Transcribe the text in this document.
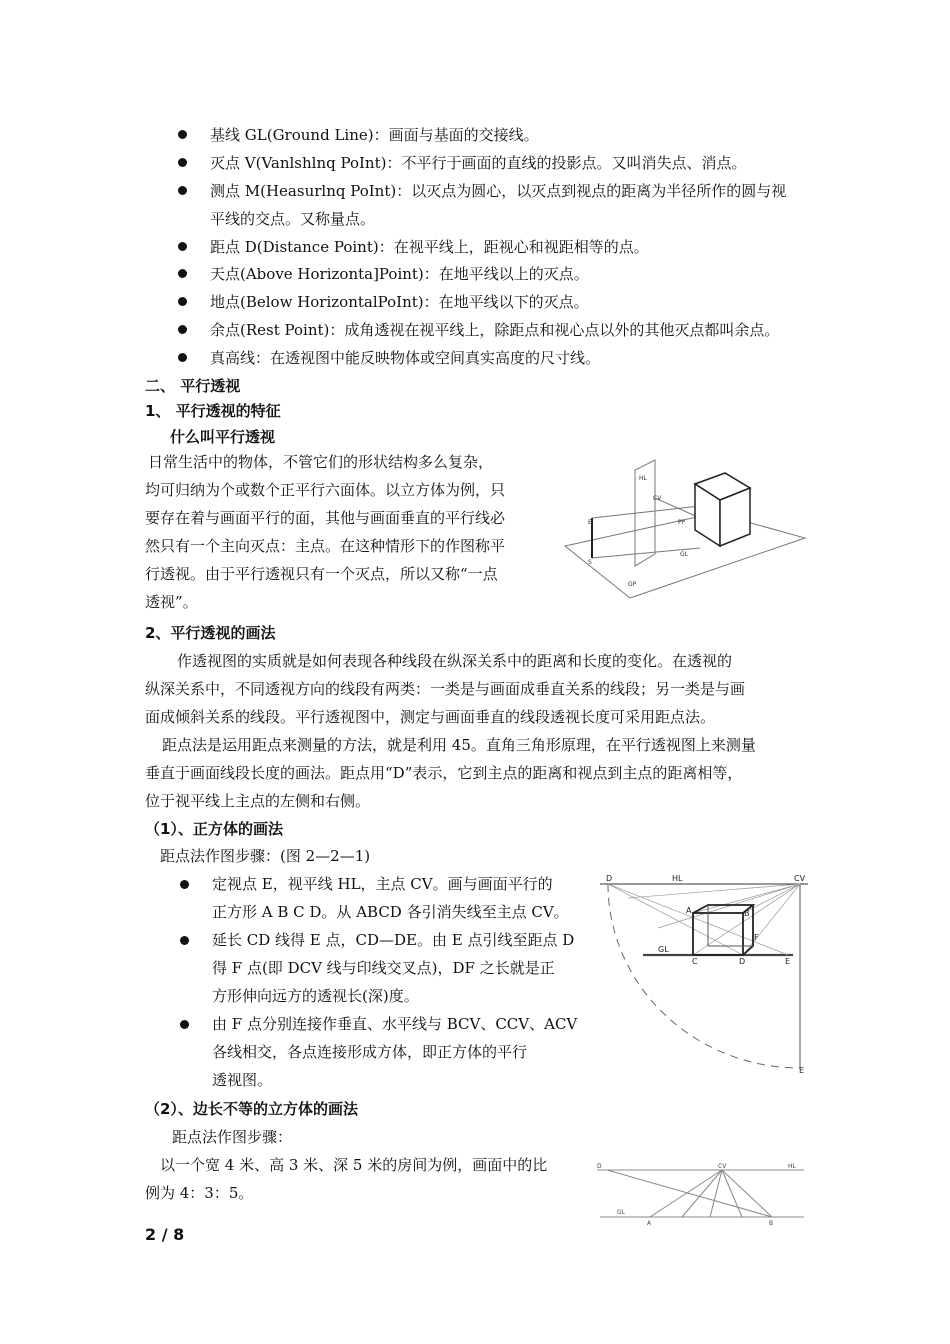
基线 GL(Ground Line)：画面与基面的交接线。
灭点 V(Vanlshlnq PoInt)：不平行于画面的直线的投影点。又叫消失点、消点。
测点 M(Heasurlnq PoInt)：以灭点为圆心，以灭点到视点的距离为半径所作的圆与视
平线的交点。又称量点。
距点 D(Distance Point)：在视平线上，距视心和视距相等的点。
天点(Above Horizonta]Point)：在地平线以上的灭点。
地点(Below HorizontalPoInt)：在地平线以下的灭点。
余点(Rest Point)：成角透视在视平线上，除距点和视心点以外的其他灭点都叫余点。
真高线：在透视图中能反映物体或空间真实高度的尺寸线。
二、 平行透视
1、 平行透视的特征
什么叫平行透视
日常生活中的物体，不管它们的形状结构多么复杂，
均可归纳为个或数个正平行六面体。以立方体为例，只
要存在着与画面平行的面，其他与画面垂直的平行线必
然只有一个主向灭点：主点。在这种情形下的作图称平
行透视。由于平行透视只有一个灭点，所以又称“一点
透视”。
HL
CV
E
S
GL
GP
PP
2、平行透视的画法
作透视图的实质就是如何表现各种线段在纵深关系中的距离和长度的变化。在透视的
纵深关系中，不同透视方向的线段有两类：一类是与画面成垂直关系的线段；另一类是与画
面成倾斜关系的线段。平行透视图中，测定与画面垂直的线段透视长度可采用距点法。
距点法是运用距点来测量的方法，就是利用 45。直角三角形原理，在平行透视图上来测量
垂直于画面线段长度的画法。距点用“D”表示，它到主点的距离和视点到主点的距离相等，
位于视平线上主点的左侧和右侧。
（1）、正方体的画法
距点法作图步骤：(图 2—2—1)
定视点 E，视平线 HL，主点 CV。画与画面平行的
正方形 A B C D。从 ABCD 各引消失线至主点 CV。
延长 CD 线得 E 点，CD—DE。由 E 点引线至距点 D
得 F 点(即 DCV 线与印线交叉点)，DF 之长就是正
方形伸向远方的透视长(深)度。
由 F 点分别连接作垂直、水平线与 BCV、CCV、ACV
各线相交，各点连接形成方体，即正方体的平行
透视图。
D	HL	CV
A	B
GL
C	D	E
F
E
（2）、边长不等的立方体的画法
距点法作图步骤：
以一个宽 4 米、高 3 米、深 5 米的房间为例，画面中的比
例为 4：3：5。
D	CV	HL
GL
A	B
2 / 8
